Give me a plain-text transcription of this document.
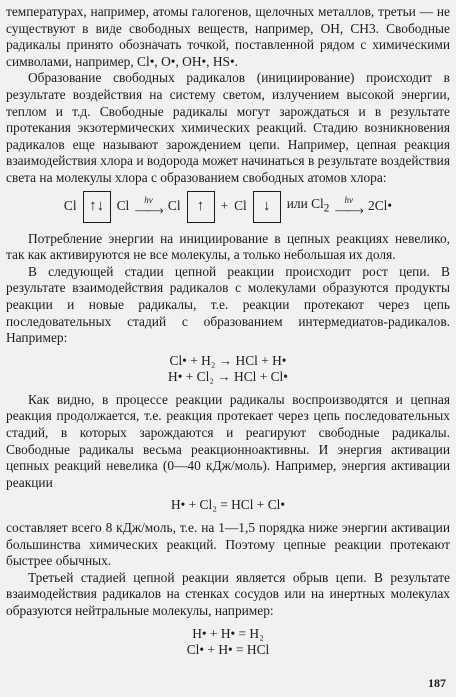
температурах, например, атомы галогенов, щелочных металлов, третьи — не существуют в виде свободных веществ, например, ОН, СН3. Свободные радикалы принято обозначать точкой, поставленной рядом с химическими символами, например, Cl•, O•, OH•, HS•.

Образование свободных радикалов (инициирование) происходит в результате воздействия на систему светом, излучением высокой энергии, теплом и т.д. Свободные радикалы могут зарождаться и в результате протекания экзотермических химических реакций. Стадию возникновения радикалов еще называют зарождением цепи. Например, цепная реакция взаимодействия хлора и водорода может начинаться в результате воздействия света на молекулы хлора с образованием свободных атомов хлора:

Cl ↑↓ Cl hν
——› Cl	↑	+ Cl	↓	или $Cl_2$
hν
——› 2Cl•

Потребление энергии на инициирование в цепных реакциях невелико, так как активируются не все молекулы, а только небольшая их доля.

В следующей стадии цепной реакции происходит рост цепи. В результате взаимодействия радикалов с молекулами образуются продукты реакции и новые радикалы, т.е. реакции протекают через цепь последовательных стадий с образованием интермедиатов-радикалов. Например:

Cl• + H₂ → HCl + H•
H• + Cl₂ → HCl + Cl•

Как видно, в процессе реакции радикалы воспроизводятся и цепная реакция продолжается, т.е. реакция протекает через цепь последовательных стадий, в которых зарождаются и реагируют свободные радикалы. Свободные радикалы весьма реакционноактивны. И энергия активации цепных реакций невелика (0—40 кДж/моль). Например, энергия активации реакции

H• + Cl₂ = HCl + Cl•

составляет всего 8 кДж/моль, т.е. на 1—1,5 порядка ниже энергии активации большинства химических реакций. Поэтому цепные реакции протекают быстрее обычных.

Третьей стадией цепной реакции является обрыв цепи. В результате взаимодействия радикалов на стенках сосудов или на инертных молекулах образуются нейтральные молекулы, например:

H• + H• = H₂
Cl• + H• = HCl
187
